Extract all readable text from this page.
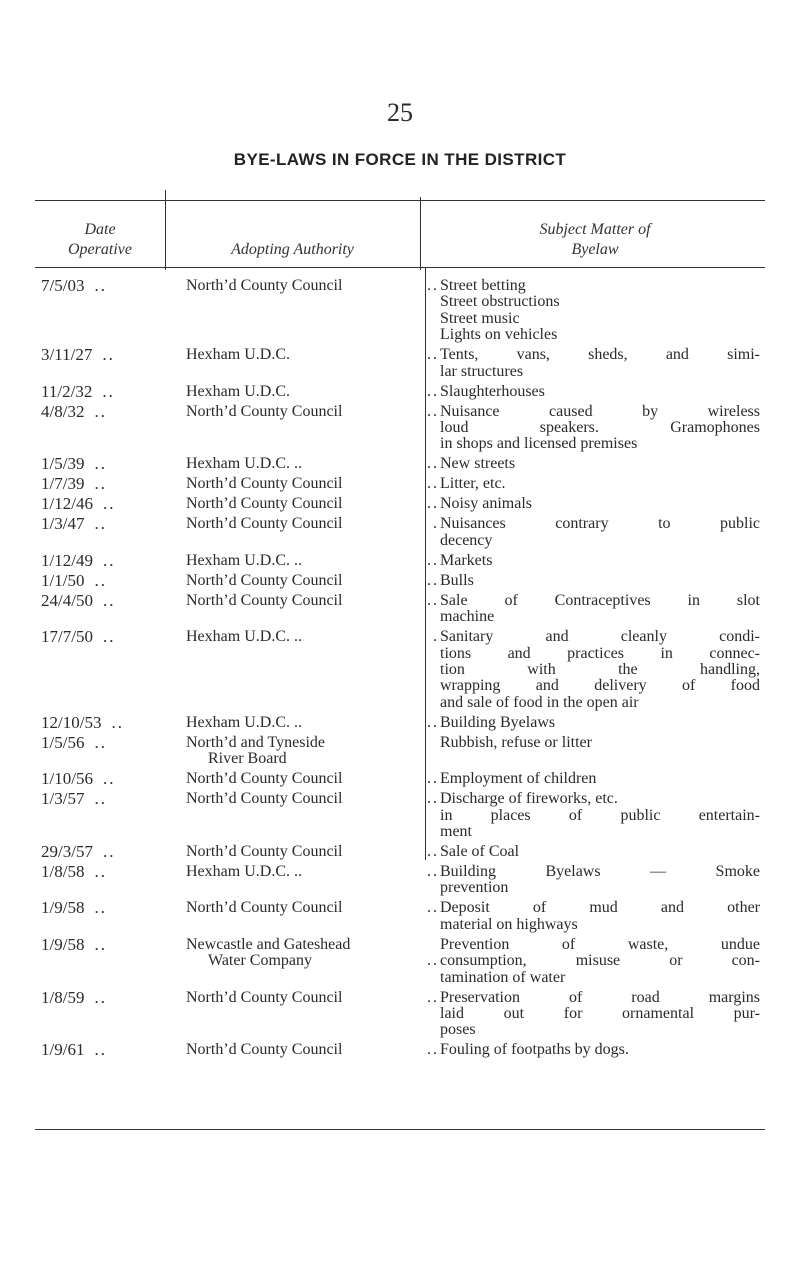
25
BYE-LAWS IN FORCE IN THE DISTRICT
Date
Operative	Adopting Authority
Subject Matter of
Byelaw
7/5/03 ..	North’d County Council	.. Street betting
Street obstructions
Street music
Lights on vehicles
3/11/27 ..	Hexham U.D.C.	.. Tents, vans, sheds, and simi-
lar structures
11/2/32 ..	Hexham U.D.C.	.. Slaughterhouses
4/8/32 ..	North’d County Council	.. Nuisance caused by wireless
loud speakers. Gramophones
in shops and licensed premises
1/5/39 ..	Hexham U.D.C. ..	.. New streets
1/7/39 ..	North’d County Council	.. Litter, etc.
1/12/46 ..	North’d County Council	.. Noisy animals
1/3/47 ..	North’d County Council	. Nuisances contrary to public
decency
1/12/49 ..	Hexham U.D.C. ..	.. Markets
1/1/50 ..	North’d County Council	.. Bulls
24/4/50 ..	North’d County Council	.. Sale of Contraceptives in slot
machine
17/7/50 ..	Hexham U.D.C. ..	. Sanitary and cleanly condi-
tions and practices in connec-
tion with the handling,
wrapping and delivery of food
and sale of food in the open air
12/10/53 ..	Hexham U.D.C. ..	.. Building Byelaws
1/5/56 ..	North’d and Tyneside
River Board
Rubbish, refuse or litter
1/10/56 ..	North’d County Council	.. Employment of children
1/3/57 ..	North’d County Council	.. Discharge of fireworks, etc.
in places of public entertain-
ment
29/3/57 ..	North’d County Council	.. Sale of Coal
1/8/58 ..	Hexham U.D.C. ..	.. Building Byelaws — Smoke
prevention
1/9/58 ..	North’d County Council	.. Deposit of mud and other
material on highways
1/9/58 ..	Newcastle and Gateshead
Water Company	..
Prevention of waste, undue
consumption, misuse or con-
tamination of water
1/8/59 ..	North’d County Council	.. Preservation of road margins
laid out for ornamental pur-
poses
1/9/61 ..	North’d County Council	.. Fouling of footpaths by dogs.
